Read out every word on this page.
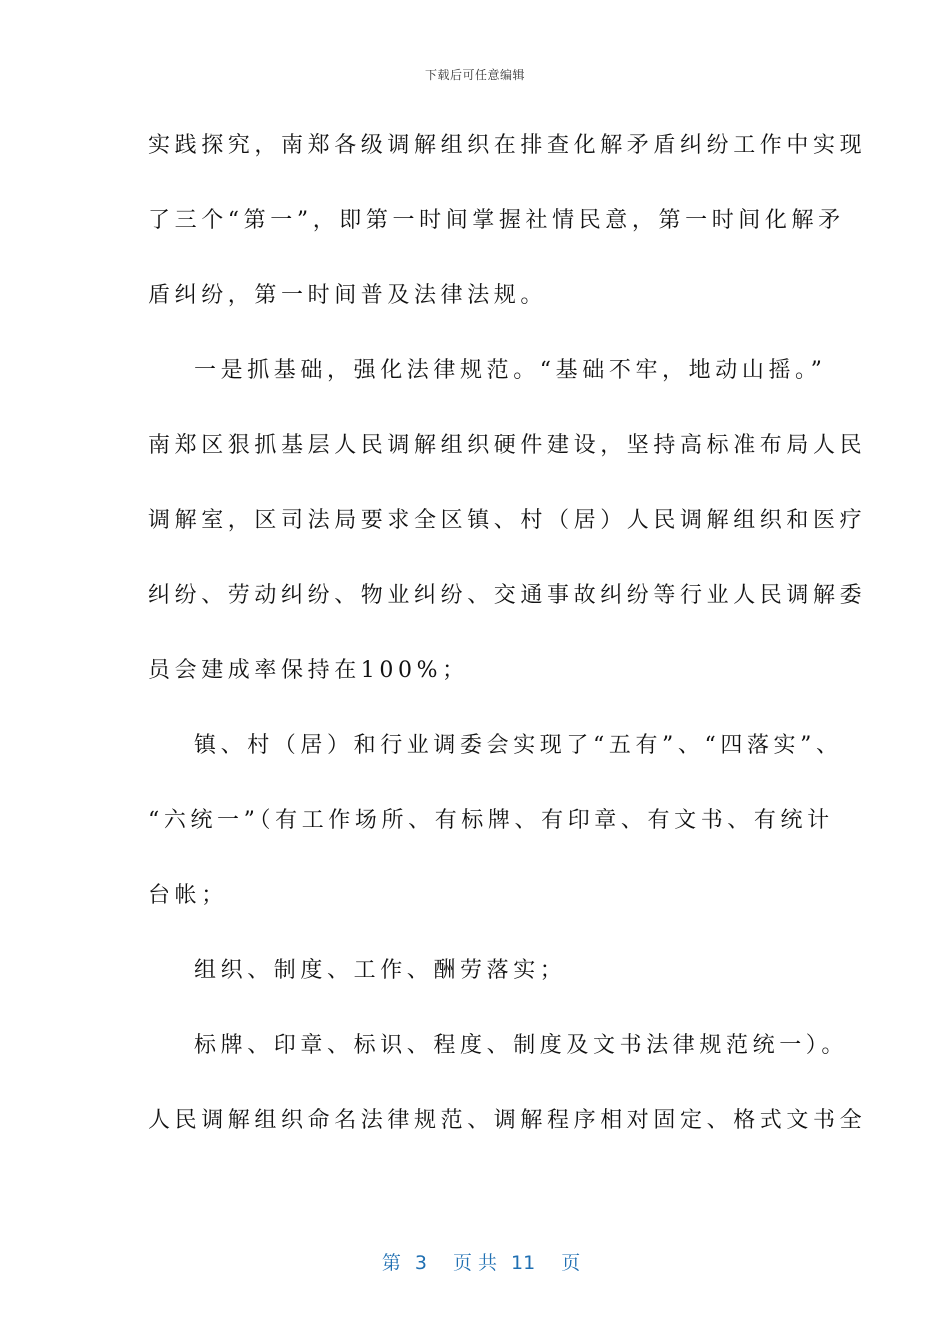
下载后可任意编辑
实践探究，南郑各级调解组织在排查化解矛盾纠纷工作中实现
了三个“第一”，即第一时间掌握社情民意，第一时间化解矛
盾纠纷，第一时间普及法律法规。
一是抓基础，强化法律规范。“基础不牢，地动山摇。”
南郑区狠抓基层人民调解组织硬件建设，坚持高标准布局人民
调解室，区司法局要求全区镇、村（居）人民调解组织和医疗
纠纷、劳动纠纷、物业纠纷、交通事故纠纷等行业人民调解委
员会建成率保持在100%；
镇、村（居）和行业调委会实现了“五有”、“四落实”、
“六统一”（有工作场所、有标牌、有印章、有文书、有统计
台帐；
组织、制度、工作、酬劳落实；
标牌、印章、标识、程度、制度及文书法律规范统一）。
人民调解组织命名法律规范、调解程序相对固定、格式文书全

第 3 页 共 11 页
